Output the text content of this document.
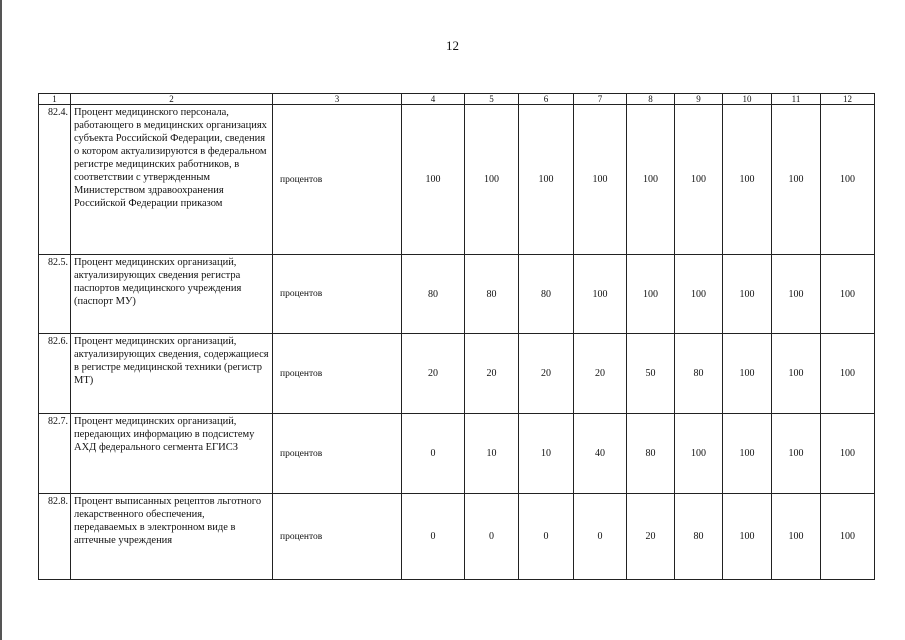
12
1	2	3	4	5	6	7	8	9	10	11	12
82.4.	Процент медицинского персонала, работающего в медицинских организациях субъекта Российской Федерации, сведения о котором актуализируются в федеральном регистре медицинских работников, в соответствии с утвержденным Министерством здравоохранения Российской Федерации приказом	процентов	100	100	100	100	100	100	100	100	100
82.5.	Процент медицинских организаций, актуализирующих сведения регистра паспортов медицинского учреждения (паспорт МУ)	процентов	80	80	80	100	100	100	100	100	100
82.6.	Процент медицинских организаций, актуализирующих сведения, содержащиеся в регистре медицинской техники (регистр МТ)	процентов	20	20	20	20	50	80	100	100	100
82.7.	Процент медицинских организаций, передающих информацию в подсистему АХД федерального сегмента ЕГИСЗ	процентов	0	10	10	40	80	100	100	100	100
82.8.	Процент выписанных рецептов льготного лекарственного обеспечения, передаваемых в электронном виде в аптечные учреждения	процентов	0	0	0	0	20	80	100	100	100
